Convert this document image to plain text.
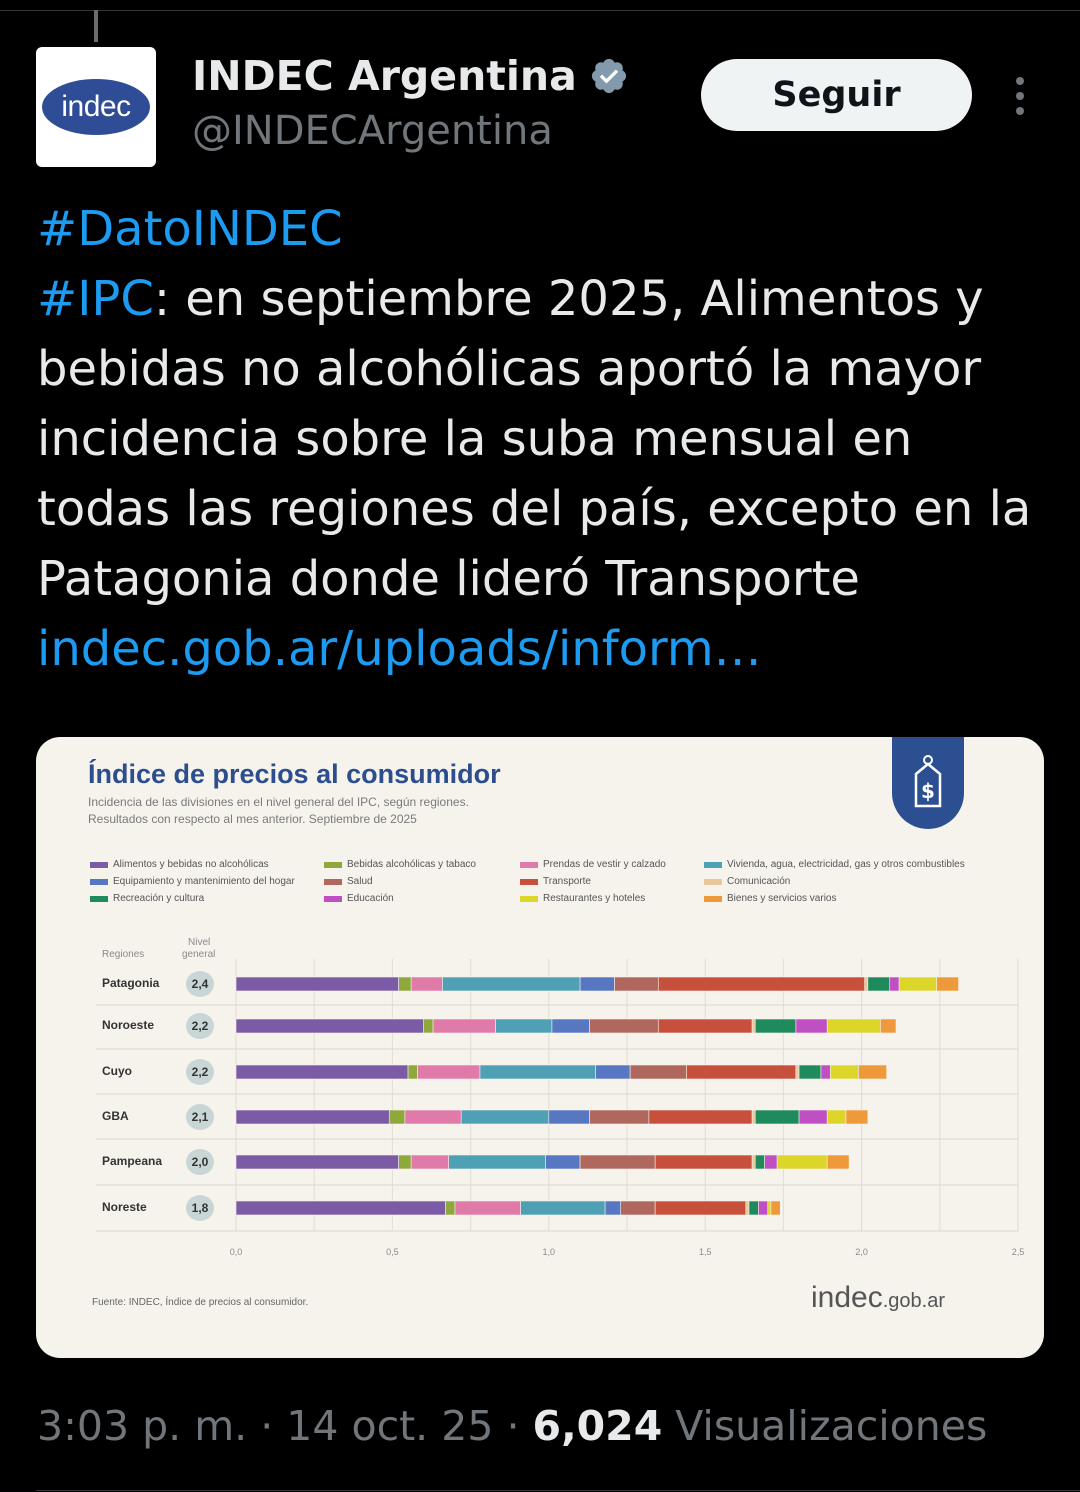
indec
INDEC Argentina
@INDECArgentina
Seguir
#DatoINDEC
#IPC: en septiembre 2025, Alimentos y bebidas no alcohólicas aportó la mayor incidencia sobre la suba mensual en todas las regiones del país, excepto en la Patagonia donde lideró Transporte
indec.gob.ar/uploads/inform…
Índice de precios al consumidor
Incidencia de las divisiones en el nivel general del IPC, según regiones.
Resultados con respecto al mes anterior. Septiembre de 2025
$
Alimentos y bebidas no alcohólicas	Bebidas alcohólicas y tabaco	Prendas de vestir y calzado	Vivienda, agua, electricidad, gas y otros combustibles
Equipamiento y mantenimiento del hogar	Salud	Transporte	Comunicación
Recreación y cultura	Educación	Restaurantes y hoteles	Bienes y servicios varios
Regiones
Nivel
general
Patagonia	2,4
Noroeste	2,2
Cuyo	2,2
GBA	2,1
Pampeana	2,0
Noreste	1,8
0,0	0,5	1,0	1,5	2,0	2,5
Fuente: INDEC, Índice de precios al consumidor.	indec.gob.ar
3:03 p. m. · 14 oct. 25 · 6,024 Visualizaciones
